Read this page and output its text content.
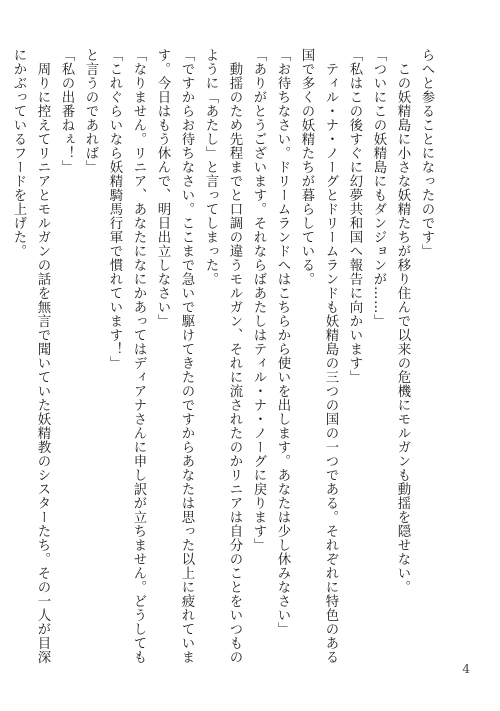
らへと参ることになったのです」
　この妖精島に小さな妖精たちが移り住んで以来の危機にモルガンも動揺を隠せない。
「ついにこの妖精島にもダンジョンが……」
「私はこの後すぐに幻夢共和国へ報告に向かいます」
　ティル・ナ・ノーグとドリームランドも妖精島の三つの国の一つである。それぞれに特色のある
国で多くの妖精たちが暮らしている。
「お待ちなさい。ドリームランドへはこちらから使いを出します。あなたは少し休みなさい」
「ありがとうございます。それならばあたしはティル・ナ・ノーグに戻ります」
　動揺のため先程までと口調の違うモルガン、それに流されたのかリニアは自分のことをいつもの
ように「あたし」と言ってしまった。
「ですからお待ちなさい。ここまで急いで駆けてきたのですからあなたは思った以上に疲れていま
す。今日はもう休んで、明日出立しなさい」
「なりません。リニア、あなたになにかあってはディアナさんに申し訳が立ちません。どうしても
「これぐらいなら妖精騎馬行軍で慣れています！」
と言うのであれば」
「私の出番ねぇ！」
　周りに控えてリニアとモルガンの話を無言で聞いていた妖精教のシスターたち。その一人が目深
にかぶっているフードを上げた。
4
